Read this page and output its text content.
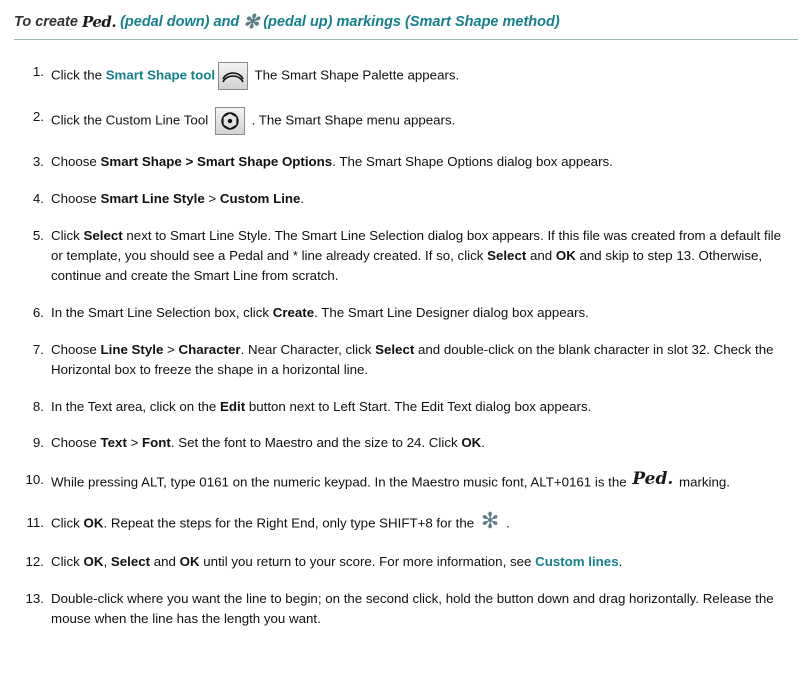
To create Ped. (pedal down) and ✻ (pedal up) markings (Smart Shape method)
Click the Smart Shape tool	The Smart Shape Palette appears.
Click the Custom Line Tool	. The Smart Shape menu appears.
Choose Smart Shape > Smart Shape Options. The Smart Shape Options dialog box appears.
Choose Smart Line Style > Custom Line.
Click Select next to Smart Line Style. The Smart Line Selection dialog box appears. If this file was created from a default file or template, you should see a Pedal and * line already created. If so, click Select and OK and skip to step 13. Otherwise, continue and create the Smart Line from scratch.
In the Smart Line Selection box, click Create. The Smart Line Designer dialog box appears.
Choose Line Style > Character. Near Character, click Select and double-click on the blank character in slot 32. Check the Horizontal box to freeze the shape in a horizontal line.
In the Text area, click on the Edit button next to Left Start. The Edit Text dialog box appears.
Choose Text > Font. Set the font to Maestro and the size to 24. Click OK.
While pressing ALT, type 0161 on the numeric keypad. In the Maestro music font, ALT+0161 is the Ped. marking.
Click OK. Repeat the steps for the Right End, only type SHIFT+8 for the ✻ .
Click OK, Select and OK until you return to your score. For more information, see Custom lines.
Double-click where you want the line to begin; on the second click, hold the button down and drag horizontally. Release the mouse when the line has the length you want.
